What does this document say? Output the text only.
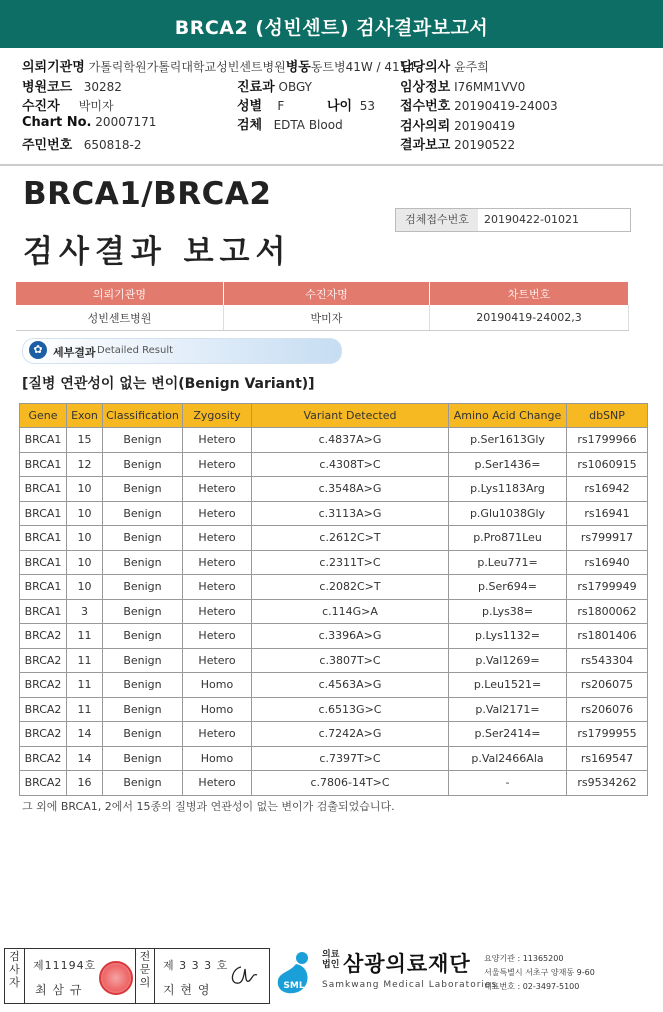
BRCA2 (성빈센트) 검사결과보고서
의뢰기관명 가톨릭학원가톨릭대학교성빈센트병원병동동트병41W / 4114
담당의사 윤주희
병원코드 30282	진료과 OBGY	임상정보 I76MM1VV0
수진자 박미자	성별 F	나이 53 접수번호 20190419-24003
Chart No. 20007171	검체 EDTA Blood	검사의뢰 20190419
주민번호 650818-2	결과보고 20190522
BRCA1/BRCA2
검사결과 보고서
검체접수번호	20190422-01021
의뢰기관명	수진자명	차트번호
성빈센트병원	박미자	20190419-24002,3
✿ 세부결과 Detailed Result
[질병 연관성이 없는 변이(Benign Variant)]
Gene	Exon	Classification	Zygosity	Variant Detected	Amino Acid Change	dbSNP
BRCA1	15	Benign	Hetero	c.4837A>G	p.Ser1613Gly	rs1799966
BRCA1	12	Benign	Hetero	c.4308T>C	p.Ser1436=	rs1060915
BRCA1	10	Benign	Hetero	c.3548A>G	p.Lys1183Arg	rs16942
BRCA1	10	Benign	Hetero	c.3113A>G	p.Glu1038Gly	rs16941
BRCA1	10	Benign	Hetero	c.2612C>T	p.Pro871Leu	rs799917
BRCA1	10	Benign	Hetero	c.2311T>C	p.Leu771=	rs16940
BRCA1	10	Benign	Hetero	c.2082C>T	p.Ser694=	rs1799949
BRCA1	3	Benign	Hetero	c.114G>A	p.Lys38=	rs1800062
BRCA2	11	Benign	Hetero	c.3396A>G	p.Lys1132=	rs1801406
BRCA2	11	Benign	Hetero	c.3807T>C	p.Val1269=	rs543304
BRCA2	11	Benign	Homo	c.4563A>G	p.Leu1521=	rs206075
BRCA2	11	Benign	Homo	c.6513G>C	p.Val2171=	rs206076
BRCA2	14	Benign	Hetero	c.7242A>G	p.Ser2414=	rs1799955
BRCA2	14	Benign	Homo	c.7397T>C	p.Val2466Ala	rs169547
BRCA2	16	Benign	Hetero	c.7806-14T>C	-	rs9534262
그 외에 BRCA1, 2에서 15종의 질병과 연관성이 없는 변이가 검출되었습니다.
검사자
제11194호
최 삼 규
전문의
제 3 3 3 호
지 현 영	SML
의료법인 삼광의료재단
Samkwang Medical Laboratories
요양기관 : 11365200
서울특별시 서초구 양재동 9-60
대표번호 : 02-3497-5100
